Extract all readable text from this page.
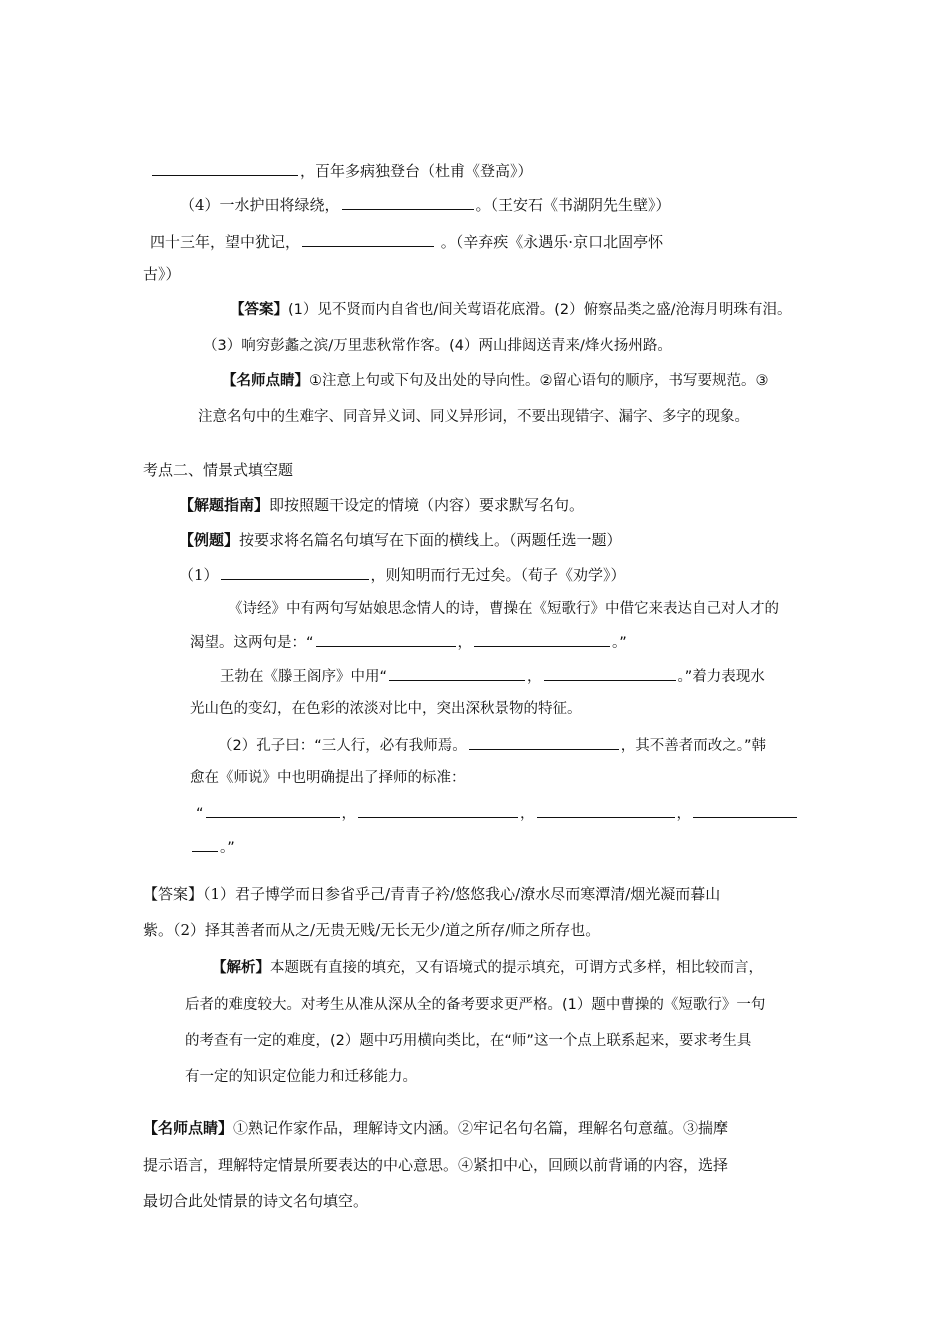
，百年多病独登台（杜甫《登高》）
（4）一水护田将绿绕，	。（王安石《书湖阴先生壁》）
四十三年，望中犹记，	。（辛弃疾《永遇乐·京口北固亭怀
古》）
【答案】(1）见不贤而内自省也/间关莺语花底滑。(2）俯察品类之盛/沧海月明珠有泪。
（3）响穷彭蠡之滨/万里悲秋常作客。(4）两山排闼送青来/烽火扬州路。
【名师点睛】①注意上句或下句及出处的导向性。②留心语句的顺序，书写要规范。③
注意名句中的生难字、同音异义词、同义异形词，不要出现错字、漏字、多字的现象。
考点二、情景式填空题
【解题指南】即按照题干设定的情境（内容）要求默写名句。
【例题】按要求将名篇名句填写在下面的横线上。（两题任选一题）
（1）	，则知明而行无过矣。（荀子《劝学》）
《诗经》中有两句写姑娘思念情人的诗，曹操在《短歌行》中借它来表达自己对人才的
渴望。这两句是：“	，	。”
王勃在《滕王阁序》中用“	，	。”着力表现水
光山色的变幻，在色彩的浓淡对比中，突出深秋景物的特征。
（2）孔子曰：“三人行，必有我师焉。	，其不善者而改之。”韩
愈在《师说》中也明确提出了择师的标准：
“	，	，	，
。”
【答案】（1）君子博学而日参省乎己/青青子衿/悠悠我心/潦水尽而寒潭清/烟光凝而暮山
紫。（2）择其善者而从之/无贵无贱/无长无少/道之所存/师之所存也。
【解析】本题既有直接的填充，又有语境式的提示填充，可谓方式多样，相比较而言，
后者的难度较大。对考生从准从深从全的备考要求更严格。(1）题中曹操的《短歌行》一句
的考查有一定的难度，(2）题中巧用横向类比，在“师”这一个点上联系起来，要求考生具
有一定的知识定位能力和迁移能力。
【名师点睛】①熟记作家作品，理解诗文内涵。②牢记名句名篇，理解名句意蕴。③揣摩
提示语言，理解特定情景所要表达的中心意思。④紧扣中心，回顾以前背诵的内容，选择
最切合此处情景的诗文名句填空。
